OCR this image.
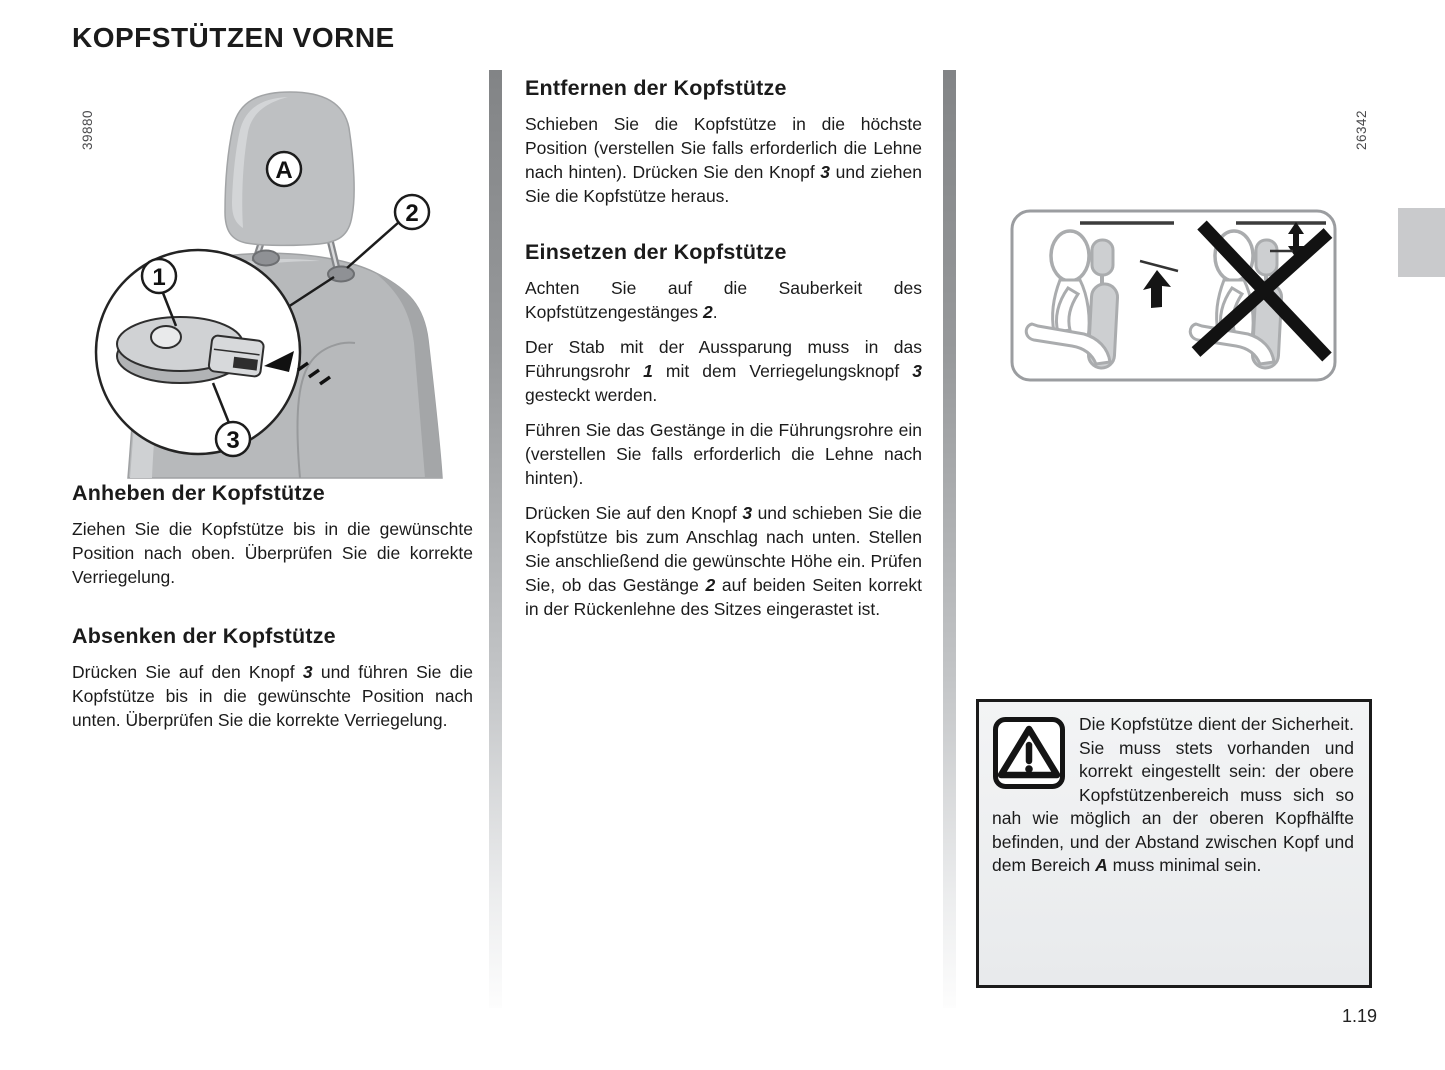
KOPFSTÜTZEN VORNE
39880	26342
A
1
2
3
Anheben der Kopfstütze

Ziehen Sie die Kopfstütze bis in die gewünschte Position nach oben. Überprüfen Sie die korrekte Verriegelung.

Absenken der Kopfstütze

Drücken Sie auf den Knopf 3 und führen Sie die Kopfstütze bis in die gewünschte Position nach unten. Überprüfen Sie die korrekte Verriegelung.

Entfernen der Kopfstütze

Schieben Sie die Kopfstütze in die höchste Position (verstellen Sie falls erforderlich die Lehne nach hinten). Drücken Sie den Knopf 3 und ziehen Sie die Kopfstütze heraus.

Einsetzen der Kopfstütze

Achten Sie auf die Sauberkeit des Kopfstützengestänges 2.

Der Stab mit der Aussparung muss in das Führungsrohr 1 mit dem Verriegelungsknopf 3 gesteckt werden.

Führen Sie das Gestänge in die Führungsrohre ein (verstellen Sie falls erforderlich die Lehne nach hinten).

Drücken Sie auf den Knopf 3 und schieben Sie die Kopfstütze bis zum Anschlag nach unten. Stellen Sie anschließend die gewünschte Höhe ein. Prüfen Sie, ob das Gestänge 2 auf beiden Seiten korrekt in der Rückenlehne des Sitzes eingerastet ist.

Die Kopfstütze dient der Sicherheit. Sie muss stets vorhanden und korrekt eingestellt sein: der obere Kopfstützenbereich muss sich so nah wie möglich an der oberen Kopfhälfte befinden, und der Abstand zwischen Kopf und dem Bereich A muss minimal sein.
1.19
